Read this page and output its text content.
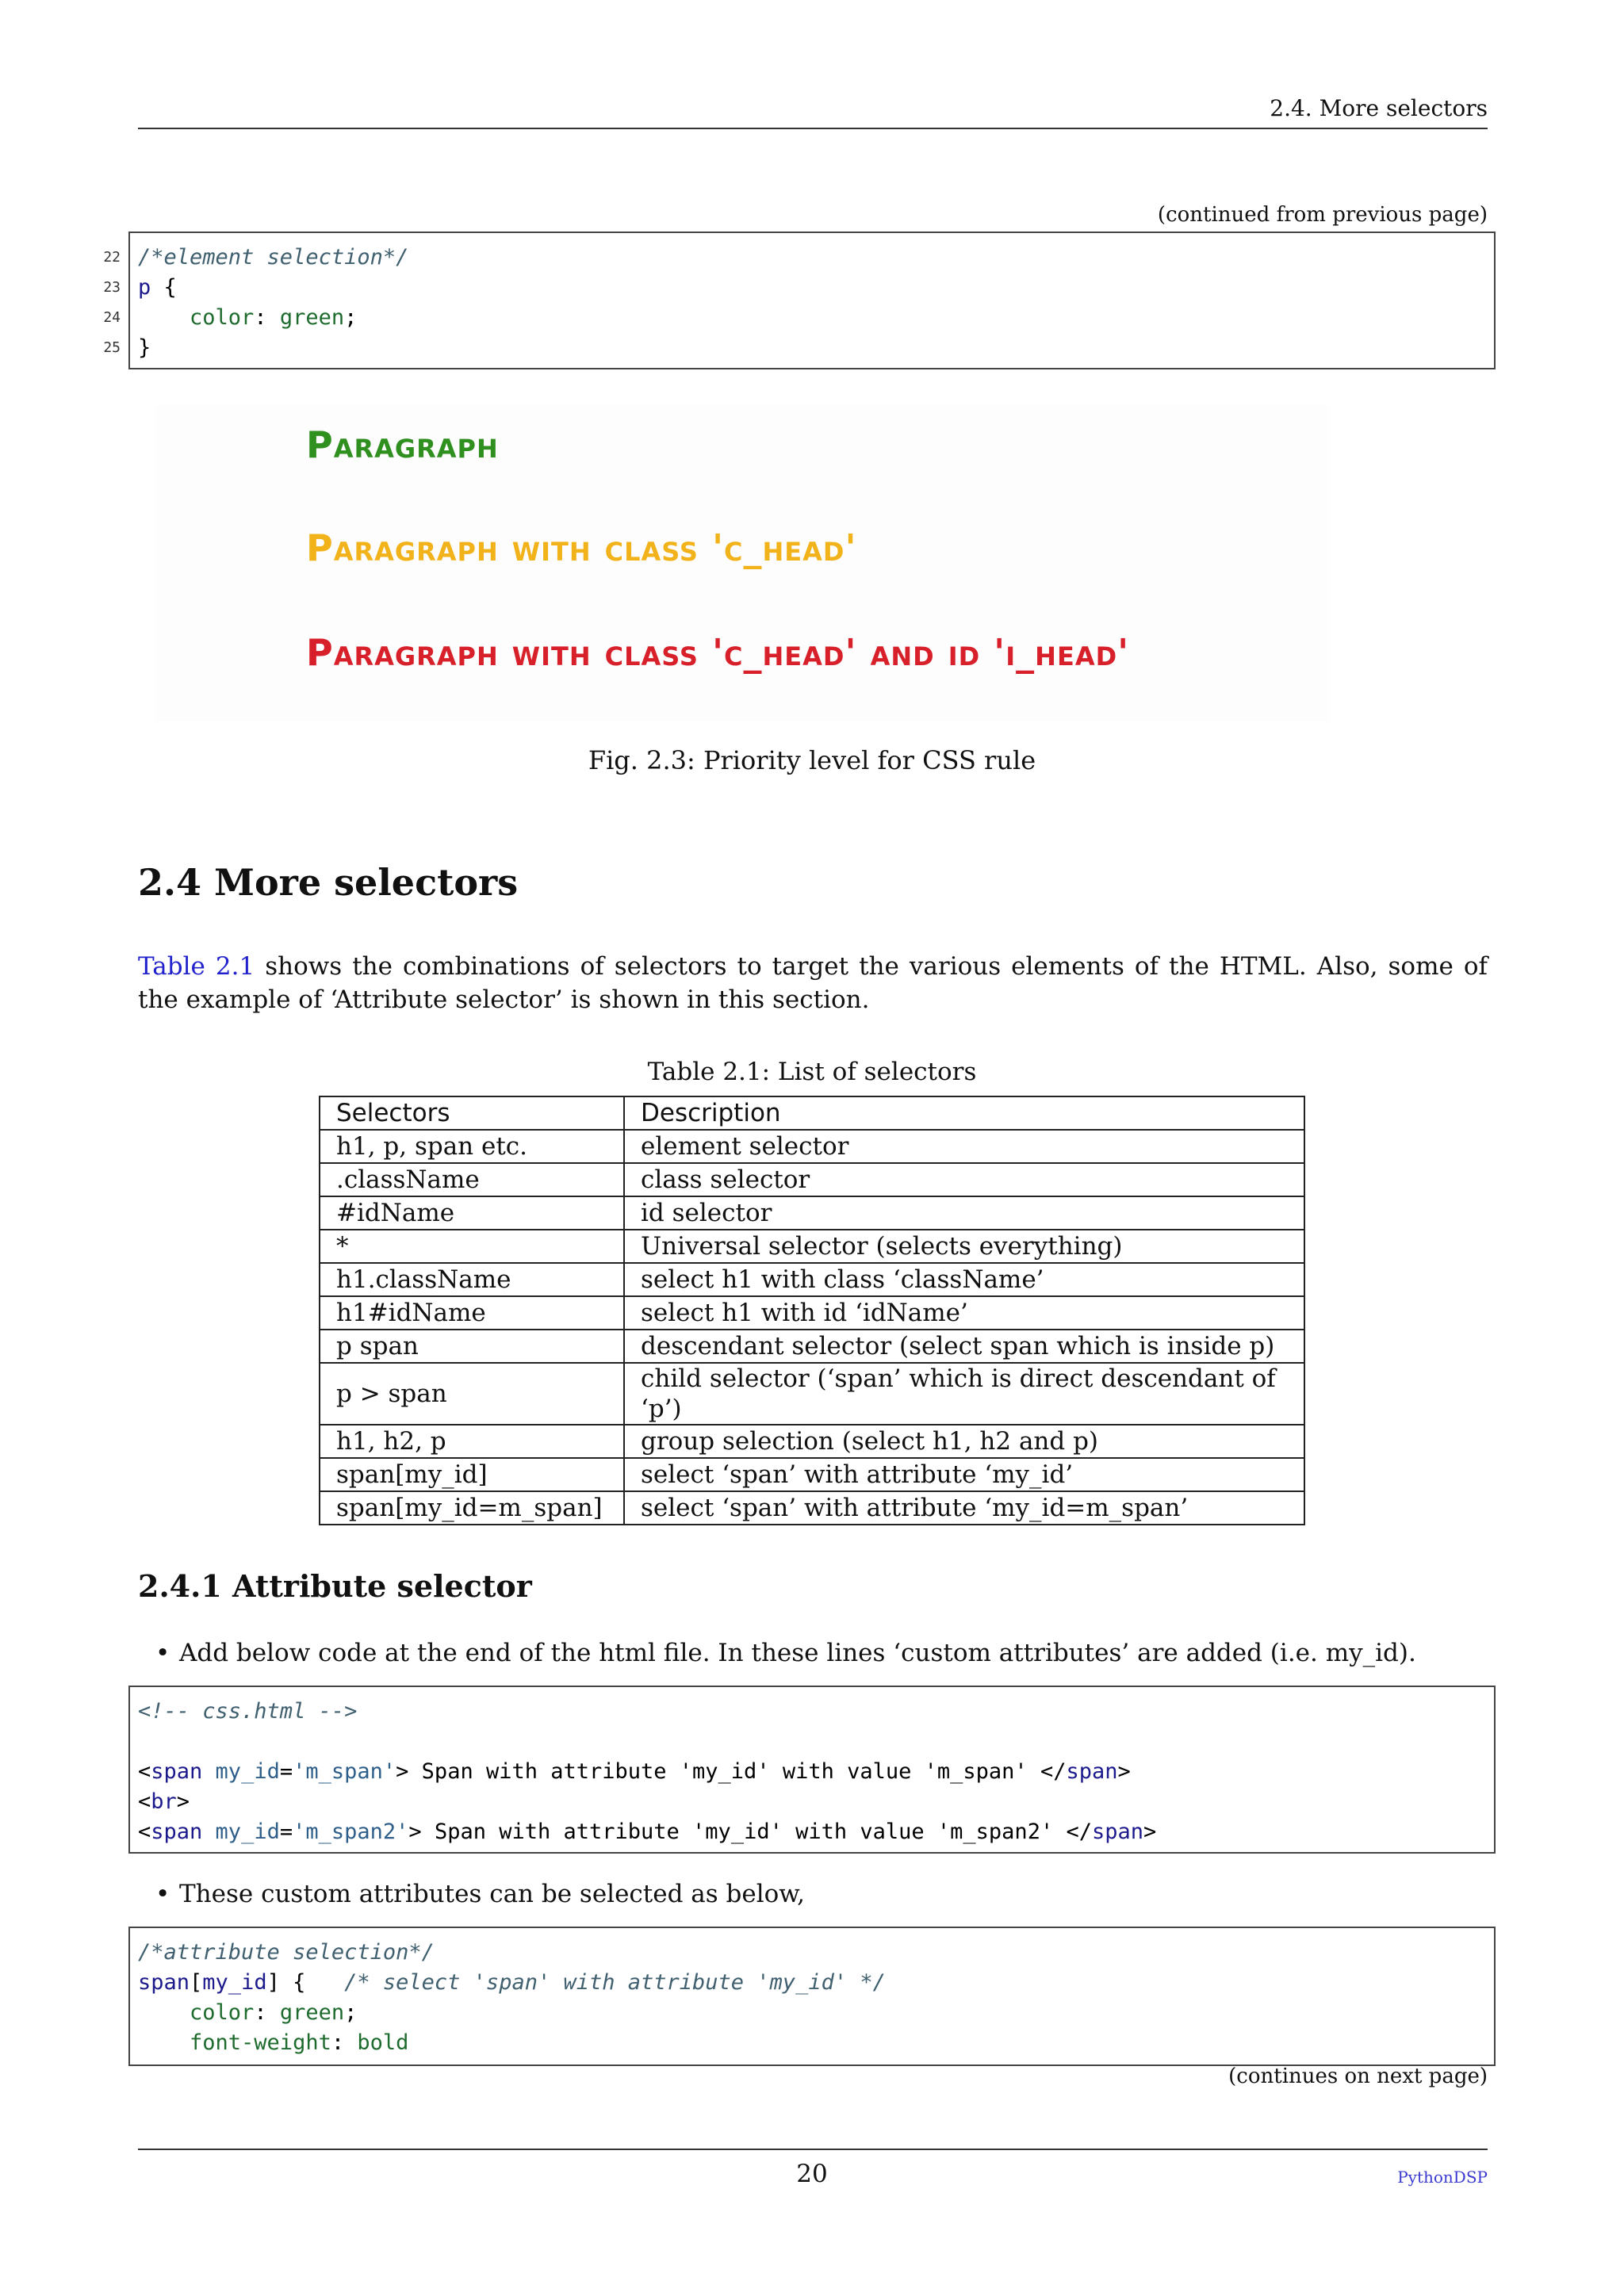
2.4. More selectors
(continued from previous page)
22 /*element selection*/
23 p {
24 color: green;
25 }
Paragraph
Paragraph with class 'c_head'
Paragraph with class 'c_head' and id 'i_head'
Fig. 2.3: Priority level for CSS rule
2.4 More selectors
Table 2.1 shows the combinations of selectors to target the various elements of the HTML. Also, some of the example of ‘Attribute selector’ is shown in this section.
Table 2.1: List of selectors
Selectors	Description
h1, p, span etc.	element selector
.className	class selector
#idName	id selector
*	Universal selector (selects everything)
h1.className	select h1 with class ‘className’
h1#idName	select h1 with id ‘idName’
p span	descendant selector (select span which is inside p)
p > span	child selector (‘span’ which is direct descendant of ‘p’)
h1, h2, p	group selection (select h1, h2 and p)
span[my_id]	select ‘span’ with attribute ‘my_id’
span[my_id=m_span]	select ‘span’ with attribute ‘my_id=m_span’
2.4.1 Attribute selector
• Add below code at the end of the html file. In these lines ‘custom attributes’ are added (i.e. my_id).
<!-- css.html -->
<span my_id='m_span'> Span with attribute 'my_id' with value 'm_span' </span>
<br>
<span my_id='m_span2'> Span with attribute 'my_id' with value 'm_span2' </span>
• These custom attributes can be selected as below,
/*attribute selection*/
span[my_id] {   /* select 'span' with attribute 'my_id' */
color: green;
font-weight: bold
(continues on next page)
20	PythonDSP
